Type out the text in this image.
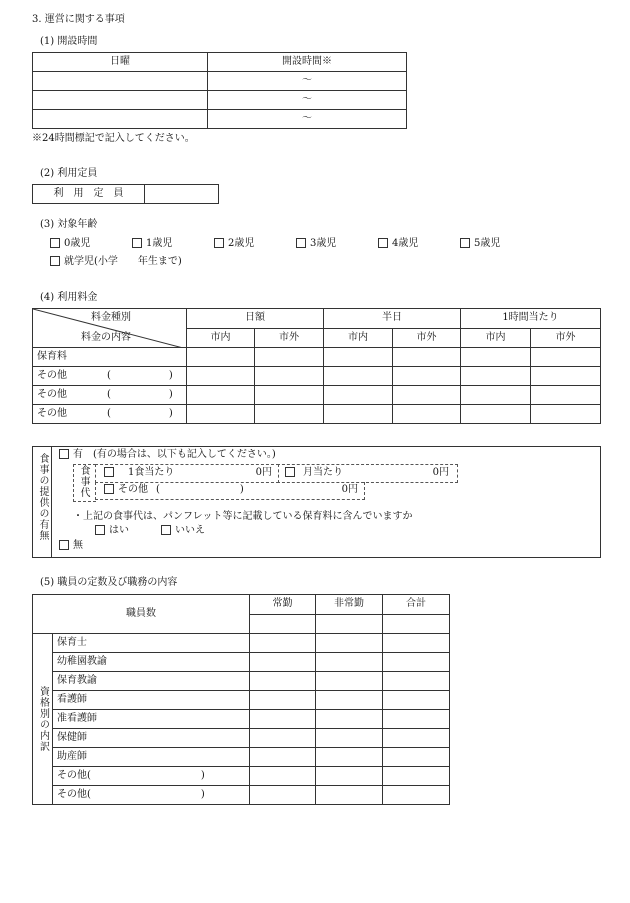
3. 運営に関する事項
(1) 開設時間
日曜	開設時間※
	～
	～
	～
※24時間標記で記入してください。
(2) 利用定員
利　用　定　員	
(3) 対象年齢
0歳児	1歳児	2歳児	3歳児	4歳児	5歳児
就学児(小学 年生まで)
(4) 利用料金
料金種別
料金の内容	日額		半日		1時間当たり	
	市内	市外	市内	市外	市内	市外
保育料						
その他 ( )						
その他 ( )						
その他 ( )						
食事の提供の有無	有 (有の場合は、以下も記入してください。)
食事代	1食当たり	0円	月当たり	0円
その他 (	)	0円
・上記の食事代は、パンフレット等に記載している保育料に含んでいますか
はい	いいえ
無
(5) 職員の定数及び職務の内容
職員数		常勤	非常勤	合計

資格別の内訳	保育士			
	幼稚園教諭			
	保育教諭			
	看護師			
	准看護師			
	保健師			
	助産師			
	その他( )			
	その他( )			
